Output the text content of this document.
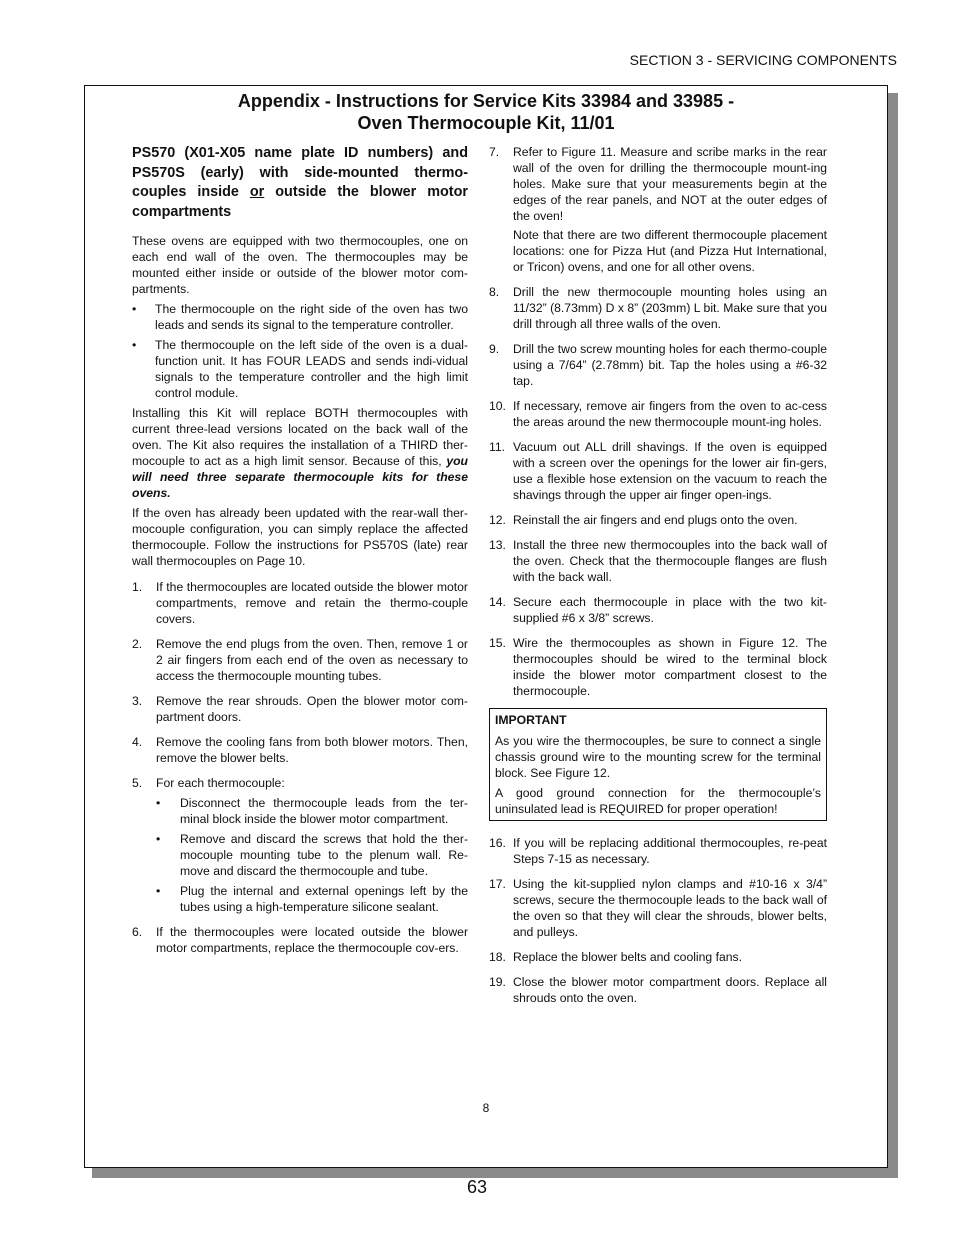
SECTION 3 - SERVICING COMPONENTS
Appendix - Instructions for Service Kits 33984 and 33985 -
Oven Thermocouple Kit, 11/01
PS570 (X01-X05 name plate ID numbers) and PS570S (early) with side-mounted thermo-couples inside or outside the blower motor compartments

These ovens are equipped with two thermocouples, one on each end wall of the oven. The thermocouples may be mounted either inside or outside of the blower motor com-partments.

• The thermocouple on the right side of the oven has two leads and sends its signal to the temperature controller.
• The thermocouple on the left side of the oven is a dual-function unit. It has FOUR LEADS and sends indi-vidual signals to the temperature controller and the high limit control module.

Installing this Kit will replace BOTH thermocouples with current three-lead versions located on the back wall of the oven. The Kit also requires the installation of a THIRD ther-mocouple to act as a high limit sensor. Because of this, you will need three separate thermocouple kits for these ovens.

If the oven has already been updated with the rear-wall ther-mocouple configuration, you can simply replace the affected thermocouple. Follow the instructions for PS570S (late) rear wall thermocouples on Page 10.

1. If the thermocouples are located outside the blower motor compartments, remove and retain the thermo-couple covers.
2. Remove the end plugs from the oven. Then, remove 1 or 2 air fingers from each end of the oven as necessary to access the thermocouple mounting tubes.
3. Remove the rear shrouds. Open the blower motor com-partment doors.
4. Remove the cooling fans from both blower motors. Then, remove the blower belts.
5. For each thermocouple:
• Disconnect the thermocouple leads from the ter-minal block inside the blower motor compartment.
• Remove and discard the screws that hold the ther-mocouple mounting tube to the plenum wall. Re-move and discard the thermocouple and tube.
• Plug the internal and external openings left by the tubes using a high-temperature silicone sealant.
6. If the thermocouples were located outside the blower motor compartments, replace the thermocouple cov-ers.
7. Refer to Figure 11. Measure and scribe marks in the rear wall of the oven for drilling the thermocouple mount-ing holes. Make sure that your measurements begin at the edges of the rear panels, and NOT at the outer edges of the oven!

Note that there are two different thermocouple placement locations: one for Pizza Hut (and Pizza Hut International, or Tricon) ovens, and one for all other ovens.

8. Drill the new thermocouple mounting holes using an 11/32” (8.73mm) D x 8” (203mm) L bit. Make sure that you drill through all three walls of the oven.
9. Drill the two screw mounting holes for each thermo-couple using a 7/64” (2.78mm) bit. Tap the holes using a #6-32 tap.
10. If necessary, remove air fingers from the oven to ac-cess the areas around the new thermocouple mount-ing holes.
11. Vacuum out ALL drill shavings. If the oven is equipped with a screen over the openings for the lower air fin-gers, use a flexible hose extension on the vacuum to reach the shavings through the upper air finger open-ings.
12. Reinstall the air fingers and end plugs onto the oven.
13. Install the three new thermocouples into the back wall of the oven. Check that the thermocouple flanges are flush with the back wall.
14. Secure each thermocouple in place with the two kit-supplied #6 x 3/8” screws.
15. Wire the thermocouples as shown in Figure 12. The thermocouples should be wired to the terminal block inside the blower motor compartment closest to the thermocouple.
IMPORTANT

As you wire the thermocouples, be sure to connect a single chassis ground wire to the mounting screw for the terminal block. See Figure 12.

A good ground connection for the thermocouple’s uninsulated lead is REQUIRED for proper operation!

16. If you will be replacing additional thermocouples, re-peat Steps 7-15 as necessary.
17. Using the kit-supplied nylon clamps and #10-16 x 3/4” screws, secure the thermocouple leads to the back wall of the oven so that they will clear the shrouds, blower belts, and pulleys.
18. Replace the blower belts and cooling fans.
19. Close the blower motor compartment doors. Replace all shrouds onto the oven.
8
63
